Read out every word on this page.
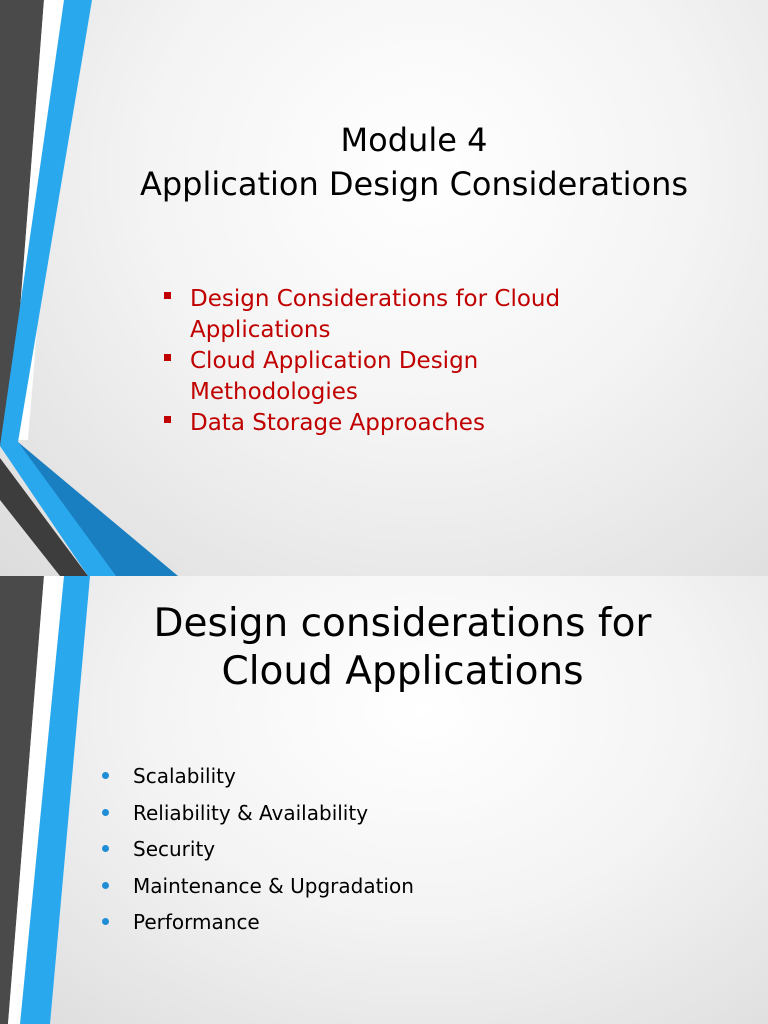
Module 4
Application Design Considerations
Design Considerations for Cloud Applications
Cloud Application Design Methodologies
Data Storage Approaches
Design considerations for
Cloud Applications
Scalability
Reliability & Availability
Security
Maintenance & Upgradation
Performance
